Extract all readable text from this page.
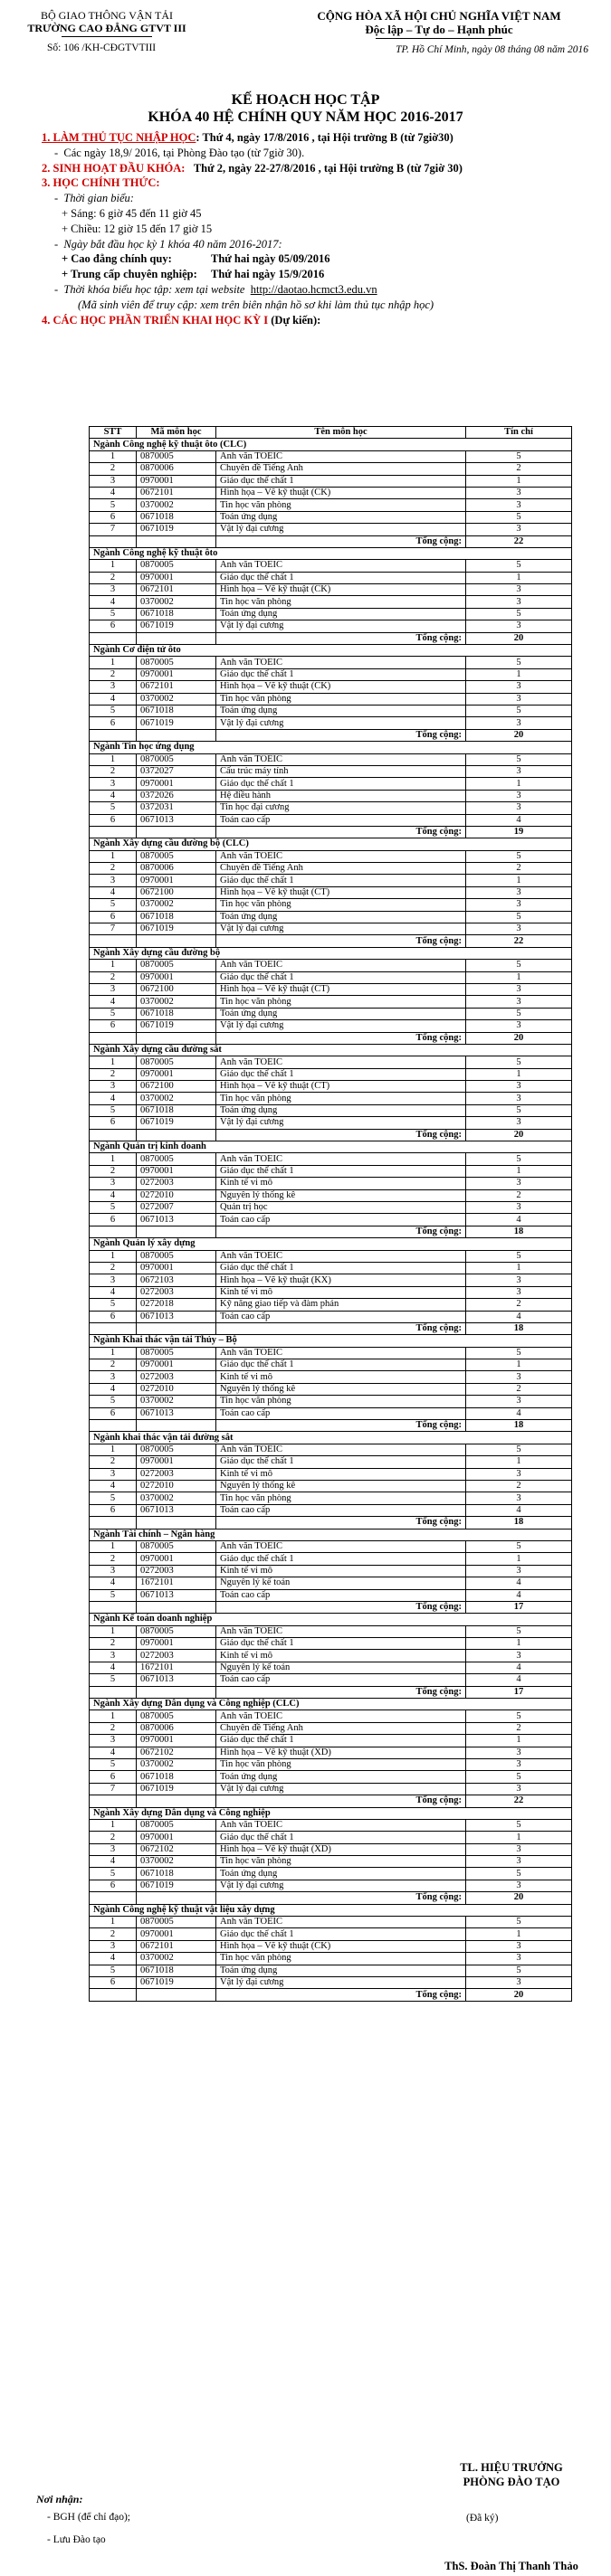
BỘ GIAO THÔNG VẬN TẢI
TRƯỜNG CAO ĐẲNG GTVT III
Số: 106 /KH-CĐGTVTIII
CỘNG HÒA XÃ HỘI CHỦ NGHĨA VIỆT NAM
Độc lập – Tự do – Hạnh phúc
TP. Hồ Chí Minh, ngày 08 tháng 08 năm 2016
KẾ HOẠCH HỌC TẬP
KHÓA 40 HỆ CHÍNH QUY NĂM HỌC 2016-2017
1. LÀM THỦ TỤC NHẬP HỌC: Thứ 4, ngày 17/8/2016 , tại Hội trường B (từ 7giờ30)
-  Các ngày 18,9/ 2016, tại Phòng Đào tạo (từ 7giờ 30).
2. SINH HOẠT ĐẦU KHÓA: Thứ 2, ngày 22-27/8/2016 , tại Hội trường B (từ 7giờ 30)
3. HỌC CHÍNH THỨC:
-  Thời gian biểu:
+ Sáng: 6 giờ 45 đến 11 giờ 45
+ Chiều: 12 giờ 15 đến 17 giờ 15
-  Ngày bắt đầu học kỳ 1 khóa 40 năm 2016-2017:
+ Cao đẳng chính quy:	Thứ hai ngày 05/09/2016
+ Trung cấp chuyên nghiệp: Thứ hai ngày 15/9/2016
-  Thời khóa biểu học tập: xem tại website http://daotao.hcmct3.edu.vn
(Mã sinh viên để truy cập: xem trên biên nhận hồ sơ khi làm thủ tục nhập học)
4. CÁC HỌC PHẦN TRIỂN KHAI HỌC KỲ I (Dự kiến):
STT	Mã môn học	Tên môn học	Tín chỉ
Ngành Công nghệ kỹ thuật ôto (CLC)			
1	0870005	Anh văn TOEIC	5
2	0870006	Chuyên đề Tiếng Anh	2
3	0970001	Giáo dục thể chất 1	1
4	0672101	Hình họa – Vẽ kỹ thuật (CK)	3
5	0370002	Tin học văn phòng	3
6	0671018	Toán ứng dụng	5
7	0671019	Vật lý đại cương	3
		Tổng cộng:	22
Ngành Công nghệ kỹ thuật ôto			
1	0870005	Anh văn TOEIC	5
2	0970001	Giáo dục thể chất 1	1
3	0672101	Hình họa – Vẽ kỹ thuật (CK)	3
4	0370002	Tin học văn phòng	3
5	0671018	Toán ứng dụng	5
6	0671019	Vật lý đại cương	3
		Tổng cộng:	20
Ngành Cơ điện tử ôto			
1	0870005	Anh văn TOEIC	5
2	0970001	Giáo dục thể chất 1	1
3	0672101	Hình họa – Vẽ kỹ thuật (CK)	3
4	0370002	Tin học văn phòng	3
5	0671018	Toán ứng dụng	5
6	0671019	Vật lý đại cương	3
		Tổng cộng:	20
Ngành Tin học ứng dụng			
1	0870005	Anh văn TOEIC	5
2	0372027	Cấu trúc máy tính	3
3	0970001	Giáo dục thể chất 1	1
4	0372026	Hệ điều hành	3
5	0372031	Tin học đại cương	3
6	0671013	Toán cao cấp	4
		Tổng cộng:	19
Ngành Xây dựng cầu đường bộ (CLC)			
1	0870005	Anh văn TOEIC	5
2	0870006	Chuyên đề Tiếng Anh	2
3	0970001	Giáo dục thể chất 1	1
4	0672100	Hình họa – Vẽ kỹ thuật (CT)	3
5	0370002	Tin học văn phòng	3
6	0671018	Toán ứng dụng	5
7	0671019	Vật lý đại cương	3
		Tổng cộng:	22
Ngành Xây dựng cầu đường bộ			
1	0870005	Anh văn TOEIC	5
2	0970001	Giáo dục thể chất 1	1
3	0672100	Hình họa – Vẽ kỹ thuật (CT)	3
4	0370002	Tin học văn phòng	3
5	0671018	Toán ứng dụng	5
6	0671019	Vật lý đại cương	3
		Tổng cộng:	20
Ngành Xây dựng cầu đường sắt			
1	0870005	Anh văn TOEIC	5
2	0970001	Giáo dục thể chất 1	1
3	0672100	Hình họa – Vẽ kỹ thuật (CT)	3
4	0370002	Tin học văn phòng	3
5	0671018	Toán ứng dụng	5
6	0671019	Vật lý đại cương	3
		Tổng cộng:	20
Ngành Quản trị kinh doanh			
1	0870005	Anh văn TOEIC	5
2	0970001	Giáo dục thể chất 1	1
3	0272003	Kinh tế vi mô	3
4	0272010	Nguyên lý thống kê	2
5	0272007	Quản trị học	3
6	0671013	Toán cao cấp	4
		Tổng cộng:	18
Ngành Quản lý xây dựng			
1	0870005	Anh văn TOEIC	5
2	0970001	Giáo dục thể chất 1	1
3	0672103	Hình họa – Vẽ kỹ thuật (KX)	3
4	0272003	Kinh tế vi mô	3
5	0272018	Kỹ năng giao tiếp và đàm phán	2
6	0671013	Toán cao cấp	4
		Tổng cộng:	18
Ngành Khai thác vận tải Thủy – Bộ			
1	0870005	Anh văn TOEIC	5
2	0970001	Giáo dục thể chất 1	1
3	0272003	Kinh tế vi mô	3
4	0272010	Nguyên lý thống kê	2
5	0370002	Tin học văn phòng	3
6	0671013	Toán cao cấp	4
		Tổng cộng:	18
Ngành khai thác vận tải đường sắt			
1	0870005	Anh văn TOEIC	5
2	0970001	Giáo dục thể chất 1	1
3	0272003	Kinh tế vi mô	3
4	0272010	Nguyên lý thống kê	2
5	0370002	Tin học văn phòng	3
6	0671013	Toán cao cấp	4
		Tổng cộng:	18
Ngành Tài chính – Ngân hàng			
1	0870005	Anh văn TOEIC	5
2	0970001	Giáo dục thể chất 1	1
3	0272003	Kinh tế vi mô	3
4	1672101	Nguyên lý kế toán	4
5	0671013	Toán cao cấp	4
		Tổng cộng:	17
Ngành Kế toán doanh nghiệp			
1	0870005	Anh văn TOEIC	5
2	0970001	Giáo dục thể chất 1	1
3	0272003	Kinh tế vi mô	3
4	1672101	Nguyên lý kế toán	4
5	0671013	Toán cao cấp	4
		Tổng cộng:	17
Ngành Xây dựng Dân dụng và Công nghiệp (CLC)			
1	0870005	Anh văn TOEIC	5
2	0870006	Chuyên đề Tiếng Anh	2
3	0970001	Giáo dục thể chất 1	1
4	0672102	Hình họa – Vẽ kỹ thuật (XD)	3
5	0370002	Tin học văn phòng	3
6	0671018	Toán ứng dụng	5
7	0671019	Vật lý đại cương	3
		Tổng cộng:	22
Ngành Xây dựng Dân dụng và Công nghiệp			
1	0870005	Anh văn TOEIC	5
2	0970001	Giáo dục thể chất 1	1
3	0672102	Hình họa – Vẽ kỹ thuật (XD)	3
4	0370002	Tin học văn phòng	3
5	0671018	Toán ứng dụng	5
6	0671019	Vật lý đại cương	3
		Tổng cộng:	20
Ngành Công nghệ kỹ thuật vật liệu xây dựng			
1	0870005	Anh văn TOEIC	5
2	0970001	Giáo dục thể chất 1	1
3	0672101	Hình họa – Vẽ kỹ thuật (CK)	3
4	0370002	Tin học văn phòng	3
5	0671018	Toán ứng dụng	5
6	0671019	Vật lý đại cương	3
		Tổng cộng:	20
TL. HIỆU TRƯỞNG
PHÒNG ĐÀO TẠO
Nơi nhận:
- BGH (để chỉ đạo);	(Đã ký)
- Lưu Đào tạo
ThS. Đoàn Thị Thanh Thảo
